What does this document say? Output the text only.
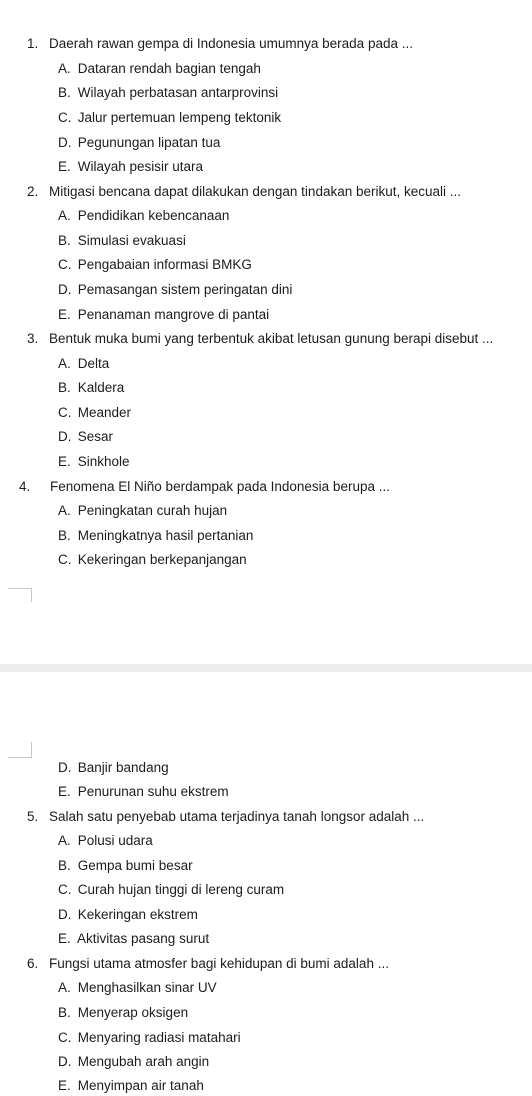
1. Daerah rawan gempa di Indonesia umumnya berada pada ...
A. Dataran rendah bagian tengah
B. Wilayah perbatasan antarprovinsi
C. Jalur pertemuan lempeng tektonik
D. Pegunungan lipatan tua
E. Wilayah pesisir utara
2. Mitigasi bencana dapat dilakukan dengan tindakan berikut, kecuali ...
A. Pendidikan kebencanaan
B. Simulasi evakuasi
C. Pengabaian informasi BMKG
D. Pemasangan sistem peringatan dini
E. Penanaman mangrove di pantai
3. Bentuk muka bumi yang terbentuk akibat letusan gunung berapi disebut ...
A. Delta
B. Kaldera
C. Meander
D. Sesar
E. Sinkhole
4. Fenomena El Niño berdampak pada Indonesia berupa ...
A. Peningkatan curah hujan
B. Meningkatnya hasil pertanian
C. Kekeringan berkepanjangan
D. Banjir bandang
E. Penurunan suhu ekstrem
5. Salah satu penyebab utama terjadinya tanah longsor adalah ...
A. Polusi udara
B. Gempa bumi besar
C. Curah hujan tinggi di lereng curam
D. Kekeringan ekstrem
E. Aktivitas pasang surut
6. Fungsi utama atmosfer bagi kehidupan di bumi adalah ...
A. Menghasilkan sinar UV
B. Menyerap oksigen
C. Menyaring radiasi matahari
D. Mengubah arah angin
E. Menyimpan air tanah
